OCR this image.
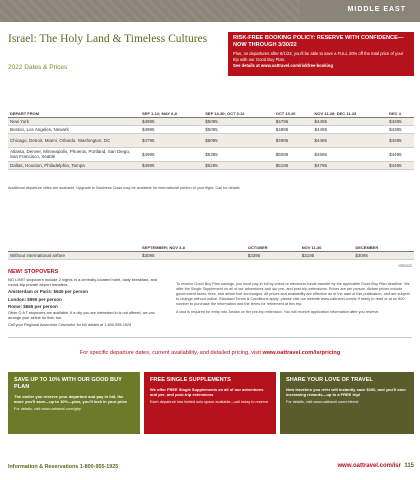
MIDDLE EAST
Israel: The Holy Land & Timeless Cultures
2022 Dates & Prices
RISK-FREE BOOKING POLICY: RESERVE WITH CONFIDENCE—NOW THROUGH 3/30/22
Plus, on departures after 6/1/22, you'll be able to save a FULL 20% off the total price of your trip with our Good Buy Plan.
See details at www.oattravel.com/riskfree-booking
DEPART FROM	SEP 1-12; MAY 6-8	SEP 14-30; OCT 3-12	OCT 13-26	NOV 11-28; DEC 11-23	DEC 4
New York	$4995	$5095	$4795	$4495	$4295
Boston, Los Angeles, Newark	$4995	$5095	$4895	$4495	$4395
Chicago, Detroit, Miami, Orlando, Washington, DC	$4795	$5095	$4995	$4495	$4295
Atlanta, Denver, Minneapolis, Phoenix, Portland, San Diego, San Francisco, Seattle	$4995	$5395	$5095	$4695	$4495
Dallas, Houston, Philadelphia, Tampa	$4995	$5295	$5195	$4795	$4495
Additional departure cities are available. Upgrade to Business Class may be available for international portion of your flight. Call for details.
	SEPTEMBER; NOV 3-8	OCTOBER	NOV 11-30	DECEMBER
Without international airfare	$3095	$3395	$3195	$3095
ISR2022
NEW! STOPOVERS

NO LIMIT stopovers include 2 nights in a centrally-located hotel, daily breakfast, and round-trip private airport transfers.

Amsterdam or Paris: $645 per person

London: $995 per person

Rome: $665 per person

Other O A T stopovers are available. If a city you are interested in is not offered, we can arrange your airline for that, too.

Call your Regional Adventure Counselor for full details at 1-800-955-1925

To receive Good Buy Plan savings, you must pay in full by check or electronic funds transfer by the applicable Good Buy Plan deadline. We offer the Single Supplement on all of our adventures and our pre- and post-trip extensions. Prices are per person. Airfare prices include government taxes, fees, and airline fuel surcharges. All prices and availability are effective as of the date of this publication, and are subject to change without notice. Standard Terms & Conditions apply; please visit our website www.oattravel.com/tc if ready to read or at an 800 number to purchase the information and the terms for retirement at this trip.

A visa is required for entry into Jordan on the pre-trip extension. You will receive application information after you reserve.

For specific departure dates, current availability, and detailed pricing, visit www.oattravel.com/isrpricing
SAVE UP TO 10% WITH OUR GOOD BUY PLAN
The earlier you reserve your departure and pay in full, the more you'll save—up to 10%—plus, you'll lock in your price
For details, visit www.oattravel.com/gbp
FREE SINGLE SUPPLEMENTS
We offer FREE Single Supplements on all of our adventures and pre- and post-trip extensions
Each departure has limited solo space available—call today to reserve
SHARE YOUR LOVE OF TRAVEL
New travelers you refer will instantly save $100, and you'll earn increasing rewards—up to a FREE trip!
For details, visit www.oattravel.com/referral
Information & Reservations 1-800-955-1925	www.oattravel.com/isr 115
